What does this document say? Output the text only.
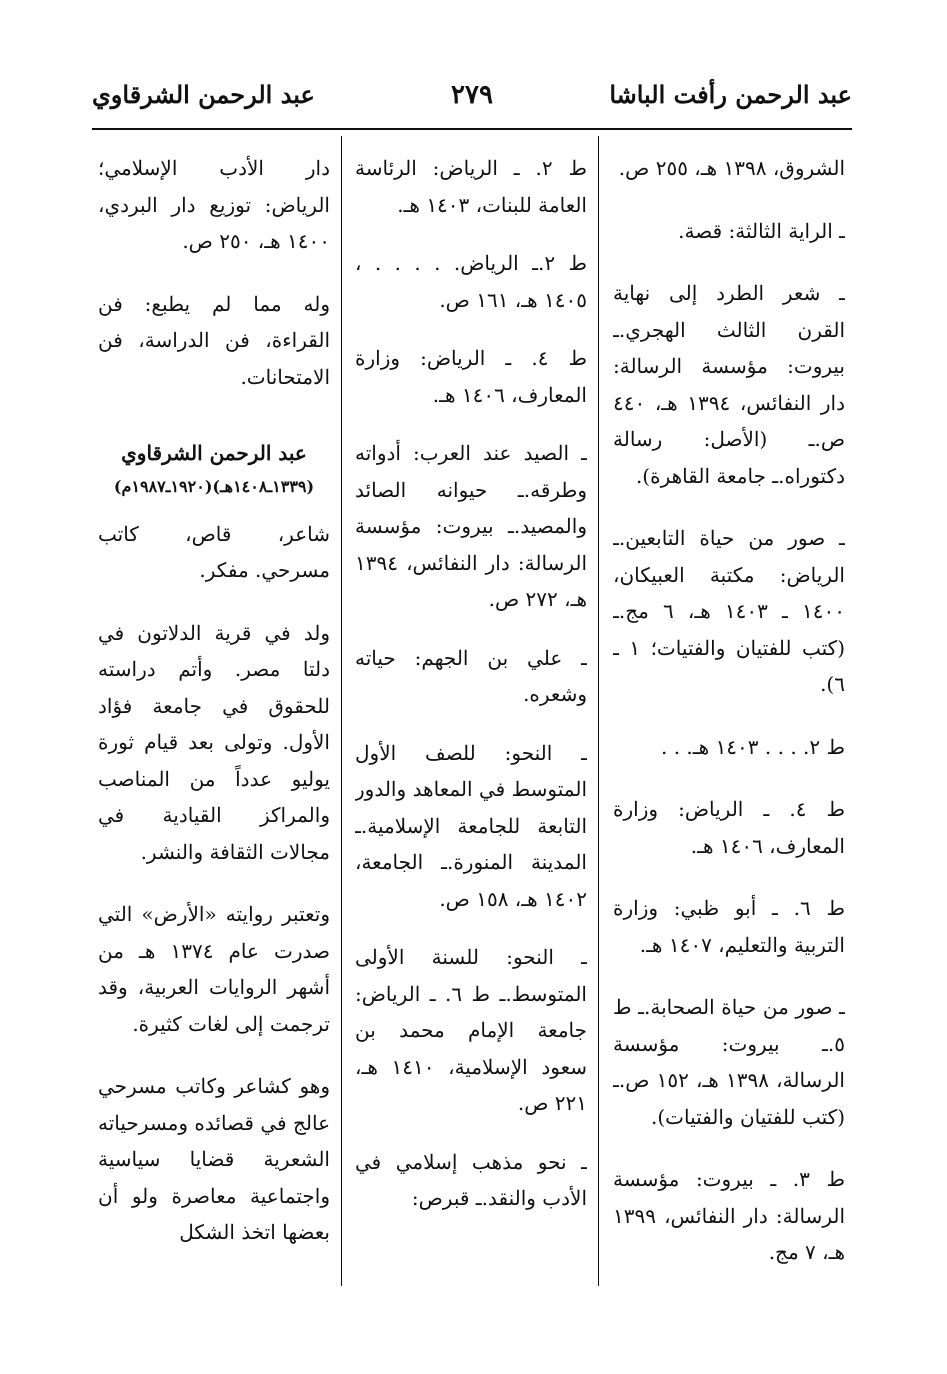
عبد الرحمن رأفت الباشا
٢٧٩
عبد الرحمن الشرقاوي

الشروق، ١٣٩٨ هـ، ٢٥٥ ص.

ـ الراية الثالثة: قصة.

ـ شعر الطرد إلى نهاية القرن الثالث الهجري.ـ بيروت: مؤسسة الرسالة: دار النفائس، ١٣٩٤ هـ، ٤٤٠ ص.ـ (الأصل: رسالة دكتوراه.ـ جامعة القاهرة).

ـ صور من حياة التابعين.ـ الرياض: مكتبة العبيكان، ١٤٠٠ ـ ١٤٠٣ هـ، ٦ مج.ـ (كتب للفتيان والفتيات؛ ١ ـ ٦).

ط ٢. . . . ١٤٠٣ هـ. . .

ط ٤. ـ الرياض: وزارة المعارف، ١٤٠٦ هـ.

ط ٦. ـ أبو ظبي: وزارة التربية والتعليم، ١٤٠٧ هـ.

ـ صور من حياة الصحابة.ـ ط ٥.ـ بيروت: مؤسسة الرسالة، ١٣٩٨ هـ، ١٥٢ ص.ـ (كتب للفتيان والفتيات).

ط ٣. ـ بيروت: مؤسسة الرسالة: دار النفائس، ١٣٩٩ هـ، ٧ مج.

ط ٢. ـ الرياض: الرئاسة العامة للبنات، ١٤٠٣ هـ.

ط ٢.ـ الرياض. . . . . ، ١٤٠٥ هـ، ١٦١ ص.

ط ٤. ـ الرياض: وزارة المعارف، ١٤٠٦ هـ.

ـ الصيد عند العرب: أدواته وطرقه.ـ حيوانه الصائد والمصيد.ـ بيروت: مؤسسة الرسالة: دار النفائس، ١٣٩٤ هـ، ٢٧٢ ص.

ـ علي بن الجهم: حياته وشعره.

ـ النحو: للصف الأول المتوسط في المعاهد والدور التابعة للجامعة الإسلامية.ـ المدينة المنورة.ـ الجامعة، ١٤٠٢ هـ، ١٥٨ ص.

ـ النحو: للسنة الأولى المتوسط.ـ ط ٦. ـ الرياض: جامعة الإمام محمد بن سعود الإسلامية، ١٤١٠ هـ، ٢٢١ ص.

ـ نحو مذهب إسلامي في الأدب والنقد.ـ قبرص:

دار الأدب الإسلامي؛ الرياض: توزيع دار البردي، ١٤٠٠ هـ، ٢٥٠ ص.

وله مما لم يطبع: فن القراءة، فن الدراسة، فن الامتحانات.

عبد الرحمن الشرقاوي
(١٣٣٩ـ١٤٠٨هـ)(١٩٢٠ـ١٩٨٧م)

شاعر، قاص، كاتب مسرحي. مفكر.

ولد في قرية الدلاتون في دلتا مصر. وأتم دراسته للحقوق في جامعة فؤاد الأول. وتولى بعد قيام ثورة يوليو عدداً من المناصب والمراكز القيادية في مجالات الثقافة والنشر.

وتعتبر روايته «الأرض» التي صدرت عام ١٣٧٤ هـ من أشهر الروايات العربية، وقد ترجمت إلى لغات كثيرة.

وهو كشاعر وكاتب مسرحي عالج في قصائده ومسرحياته الشعرية قضايا سياسية واجتماعية معاصرة ولو أن بعضها اتخذ الشكل
